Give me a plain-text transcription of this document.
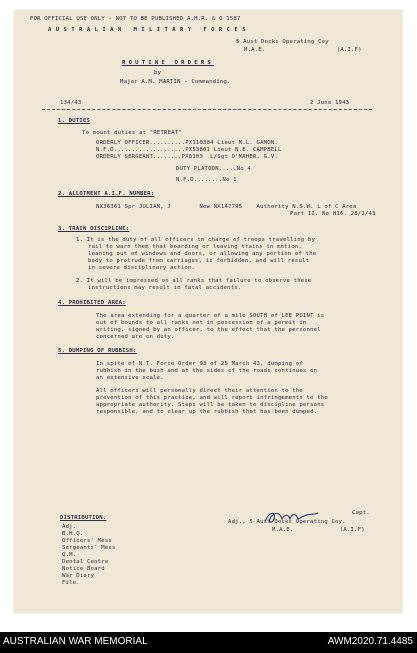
FOR OFFICIAL USE ONLY - NOT TO BE PUBLISHED A.M.R. & O 1587
AUSTRALIAN MILITARY FORCES
5 Aust Docks Operating Coy
M.A.E.                    (A.I.F)
ROUTINE ORDERS
by
Major A.M. MARTIN - Commanding.
134/43	2 June 1943
1. DUTIES
To mount duties at "RETREAT"
ORDERLY OFFICER..........PX110384 Lieut M.L. GAMON.
N.F.D....................PX53801 Lieut N.E. CAMPBELL
ORDERLY SERGEANT........PX8103  L/Sgt O'MAHER, G.V.
DUTY PLATOON.....No 4
N.F.D........No 1
2. ALLOTMENT A.I.F. NUMBER:
NX36361 Spr JULIAN, J        New NX147795    Authority N.S.W. L of C Area
Part II. No H16. 28/2/43
3. TRAIN DISCIPLINE:
1. It is the duty of all officers in charge of troops travelling by
rail to warn them that boarding or leaving trains in motion,
leaning out of windows and doors, or allowing any portion of the
body to protrude from carriages, is forbidden, and will result
in severe disciplinary action.
2. It will be impressed on all ranks that failure to observe these
instructions may result in fatal accidents.
4. PROHIBITED AREA:
The area extending for a quarter of a mile SOUTH of LEE POINT is
out of bounds to all ranks not in possession of a permit in
writing, signed by an officer, to the effect that the personnel
concerned are on duty.
5. DUMPING OF RUBBISH:
In spite of N.T. Force Order 93 of 25 March 43, dumping of
rubbish in the bush and at the sides of the roads continues on
an extensive scale.
All officers will personally direct their attention to the
prevention of this practice, and will report infringements to the
appropriate authority. Steps will be taken to discipline persons
responsible, and to clear up the rubbish that has been dumped.
Capt.
Adj., 5 Aust Docks Operating Coy.
M.A.E.             (A.I.F)
DISTRIBUTION.
Adj.
B.H.Q.
Officers' Mess
Sergeants' Mess
Q.M.
Dental Centre
Notice Board
War Diary
File.
AUSTRALIAN WAR MEMORIAL	AWM2020.71.4485
